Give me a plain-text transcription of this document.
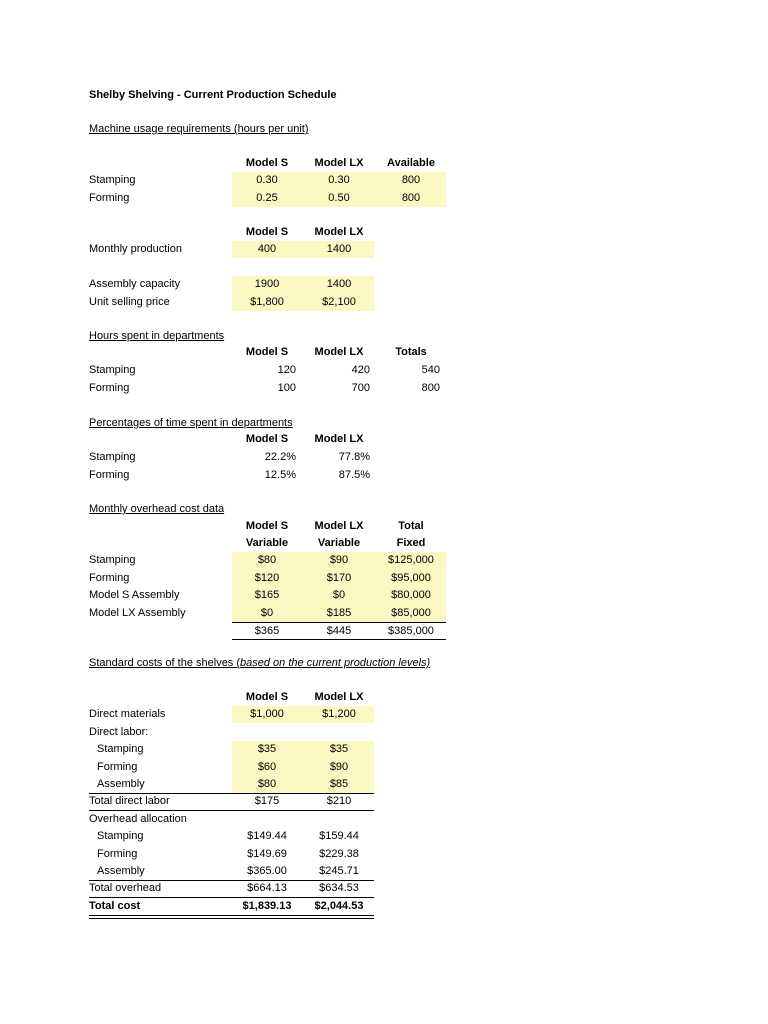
Shelby Shelving - Current Production Schedule
Machine usage requirements (hours per unit)
Model S	Model LX	Available
Stamping	0.30	0.30	800
Forming	0.25	0.50	800
Model S	Model LX
Monthly production	400	1400
Assembly capacity	1900	1400
Unit selling price	$1,800	$2,100
Hours spent in departments
Model S	Model LX	Totals
Stamping	120	420	540
Forming	100	700	800
Percentages of time spent in departments
Model S	Model LX
Stamping	22.2%	77.8%
Forming	12.5%	87.5%
Monthly overhead cost data
Model S	Model LX	Total
Variable	Variable	Fixed
Stamping	$80	$90	$125,000
Forming	$120	$170	$95,000
Model S Assembly	$165	$0	$80,000
Model LX Assembly	$0	$185	$85,000
$365	$445	$385,000
Standard costs of the shelves (based on the current production levels)
Model S	Model LX
Direct materials	$1,000	$1,200
Direct labor:
Stamping	$35	$35
Forming	$60	$90
Assembly	$80	$85
Total direct labor	$175	$210
Overhead allocation
Stamping	$149.44	$159.44
Forming	$149.69	$229.38
Assembly	$365.00	$245.71
Total overhead	$664.13	$634.53
Total cost	$1,839.13	$2,044.53
